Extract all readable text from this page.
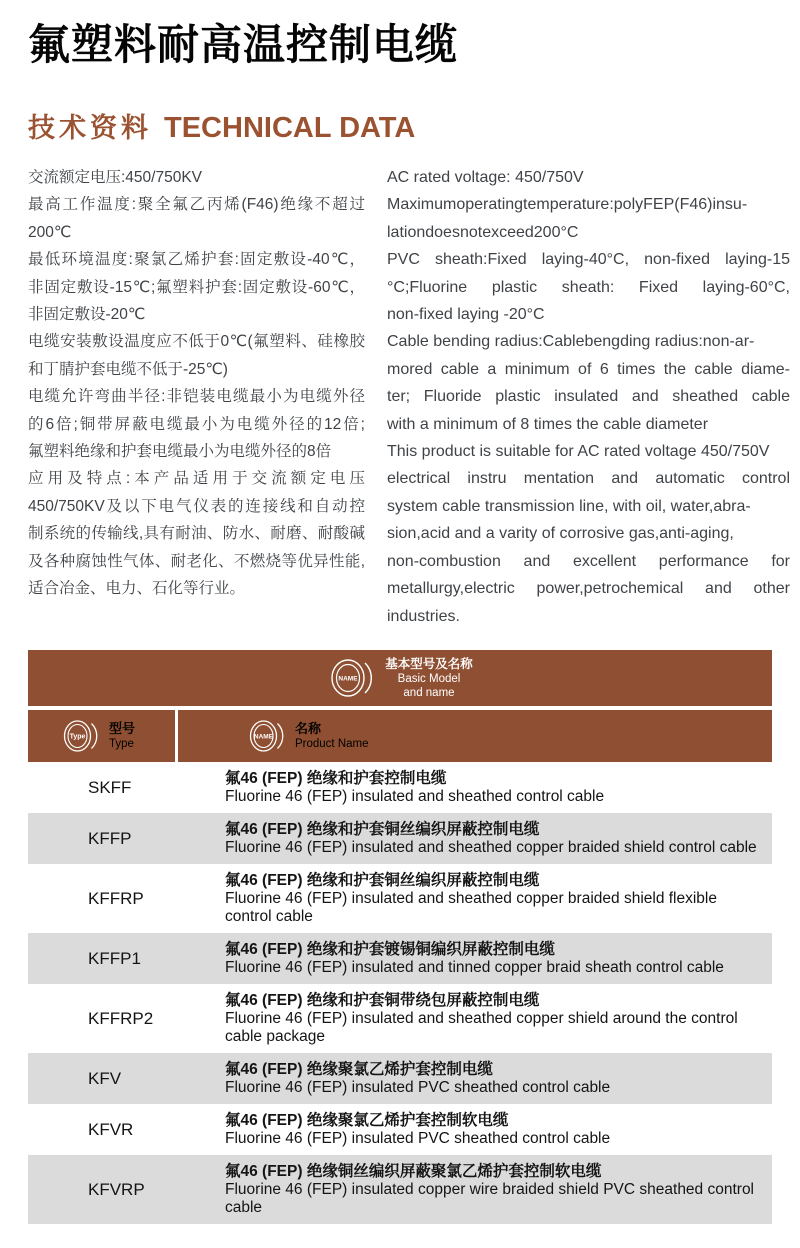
氟塑料耐高温控制电缆
技术资料 TECHNICAL DATA
交流额定电压:450/750KV
最高工作温度:聚全氟乙丙烯(F46)绝缘不超过
200℃
最低环境温度:聚氯乙烯护套:固定敷设-40℃，
非固定敷设-15℃;氟塑料护套:固定敷设-60℃，
非固定敷设-20℃
电缆安装敷设温度应不低于0℃(氟塑料、硅橡胶
和丁腈护套电缆不低于-25℃)
电缆允许弯曲半径:非铠装电缆最小为电缆外径
的6倍;铜带屏蔽电缆最小为电缆外径的12倍;
氟塑料绝缘和护套电缆最小为电缆外径的8倍
应用及特点:本产品适用于交流额定电压
450/750KV及以下电气仪表的连接线和自动控
制系统的传输线,具有耐油、防水、耐磨、耐酸碱
及各种腐蚀性气体、耐老化、不燃烧等优异性能,
适合冶金、电力、石化等行业。
AC rated voltage: 450/750V
Maximumoperatingtemperature:polyFEP(F46)insu-
lationdoesnotexceed200°C
PVC sheath:Fixed laying-40°C, non-fixed laying-15
°C;Fluorine plastic sheath: Fixed laying-60°C,
non-fixed laying -20°C
Cable bending radius:Cablebengding radius:non-ar-
mored cable a minimum of 6 times the cable diame-
ter; Fluoride plastic insulated and sheathed cable
with a minimum of 8 times the cable diameter
This product is suitable for AC rated voltage 450/750V
electrical instru mentation and automatic control
system cable transmission line, with oil, water,abra-
sion,acid and a varity of corrosive gas,anti-aging,
non-combustion and excellent performance for
metallurgy,electric power,petrochemical and other
industries.
NAME
基本型号及名称
Basic Model
and name
Type
型号
Type
NAME
名称
Product Name
SKFF	氟46 (FEP) 绝缘和护套控制电缆
Fluorine 46 (FEP) insulated and sheathed control cable
KFFP	氟46 (FEP) 绝缘和护套铜丝编织屏蔽控制电缆
Fluorine 46 (FEP) insulated and sheathed copper braided shield control cable
KFFRP
氟46 (FEP) 绝缘和护套铜丝编织屏蔽控制电缆
Fluorine 46 (FEP) insulated and sheathed copper braided shield flexible control cable
KFFP1	氟46 (FEP) 绝缘和护套镀锡铜编织屏蔽控制电缆
Fluorine 46 (FEP) insulated and tinned copper braid sheath control cable
KFFRP2
氟46 (FEP) 绝缘和护套铜带绕包屏蔽控制电缆
Fluorine 46 (FEP) insulated and sheathed copper shield around the control cable package
KFV	氟46 (FEP) 绝缘聚氯乙烯护套控制电缆
Fluorine 46 (FEP) insulated PVC sheathed control cable
KFVR	氟46 (FEP) 绝缘聚氯乙烯护套控制软电缆
Fluorine 46 (FEP) insulated PVC sheathed control cable
KFVRP
氟46 (FEP) 绝缘铜丝编织屏蔽聚氯乙烯护套控制软电缆
Fluorine 46 (FEP) insulated copper wire braided shield PVC sheathed control cable
